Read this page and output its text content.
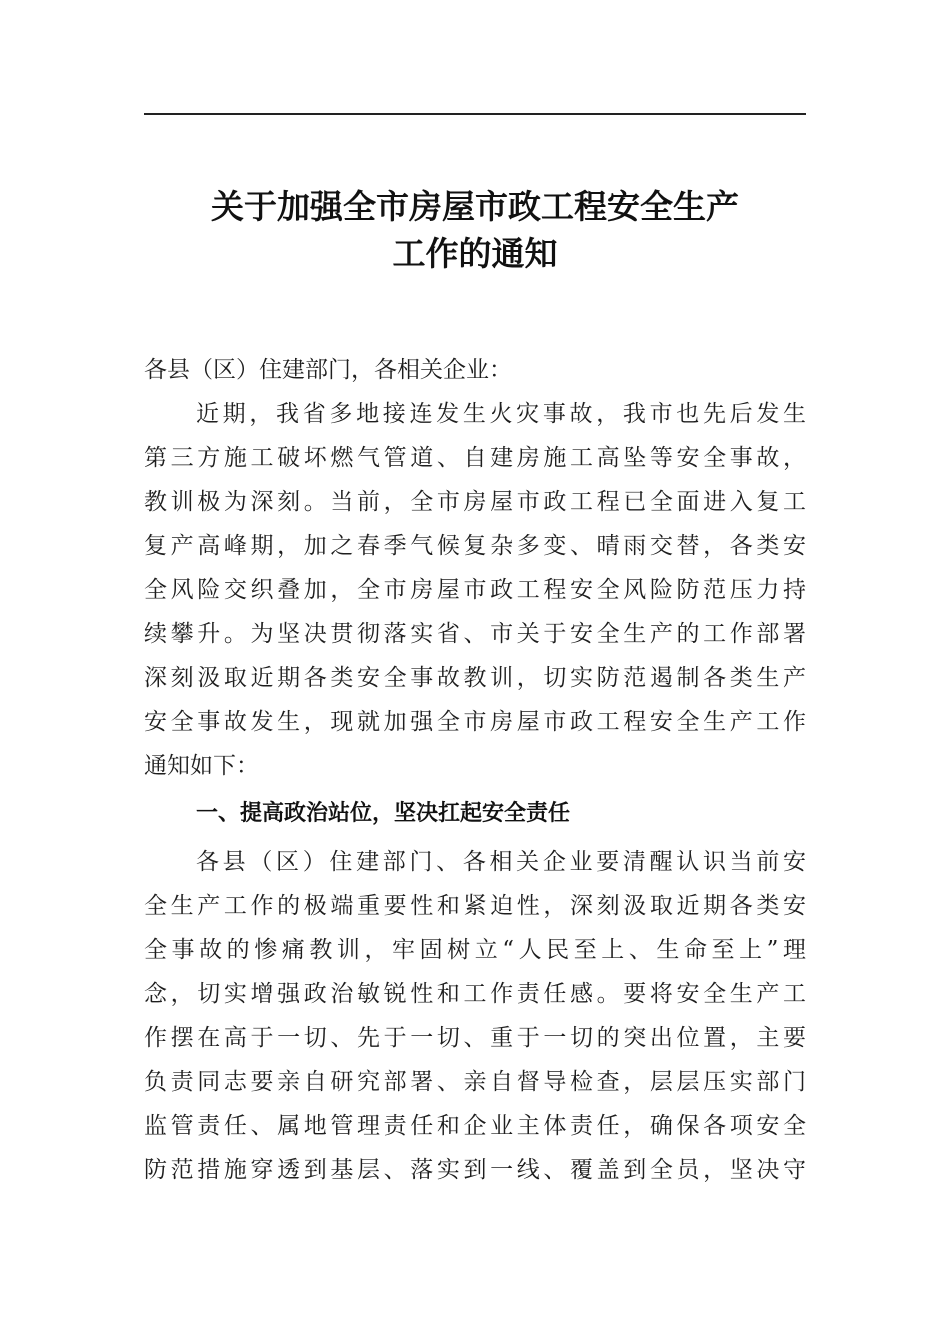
关于加强全市房屋市政工程安全生产
工作的通知
各县（区）住建部门，各相关企业：
近期，我省多地接连发生火灾事故，我市也先后发生
第三方施工破坏燃气管道、自建房施工高坠等安全事故，
教训极为深刻。当前，全市房屋市政工程已全面进入复工
复产高峰期，加之春季气候复杂多变、晴雨交替，各类安
全风险交织叠加，全市房屋市政工程安全风险防范压力持
续攀升。为坚决贯彻落实省、市关于安全生产的工作部署
深刻汲取近期各类安全事故教训，切实防范遏制各类生产
安全事故发生，现就加强全市房屋市政工程安全生产工作
通知如下：
一、提高政治站位，坚决扛起安全责任
各县（区）住建部门、各相关企业要清醒认识当前安
全生产工作的极端重要性和紧迫性，深刻汲取近期各类安
全事故的惨痛教训，牢固树立“人民至上、生命至上”理
念，切实增强政治敏锐性和工作责任感。要将安全生产工
作摆在高于一切、先于一切、重于一切的突出位置，主要
负责同志要亲自研究部署、亲自督导检查，层层压实部门
监管责任、属地管理责任和企业主体责任，确保各项安全
防范措施穿透到基层、落实到一线、覆盖到全员，坚决守
